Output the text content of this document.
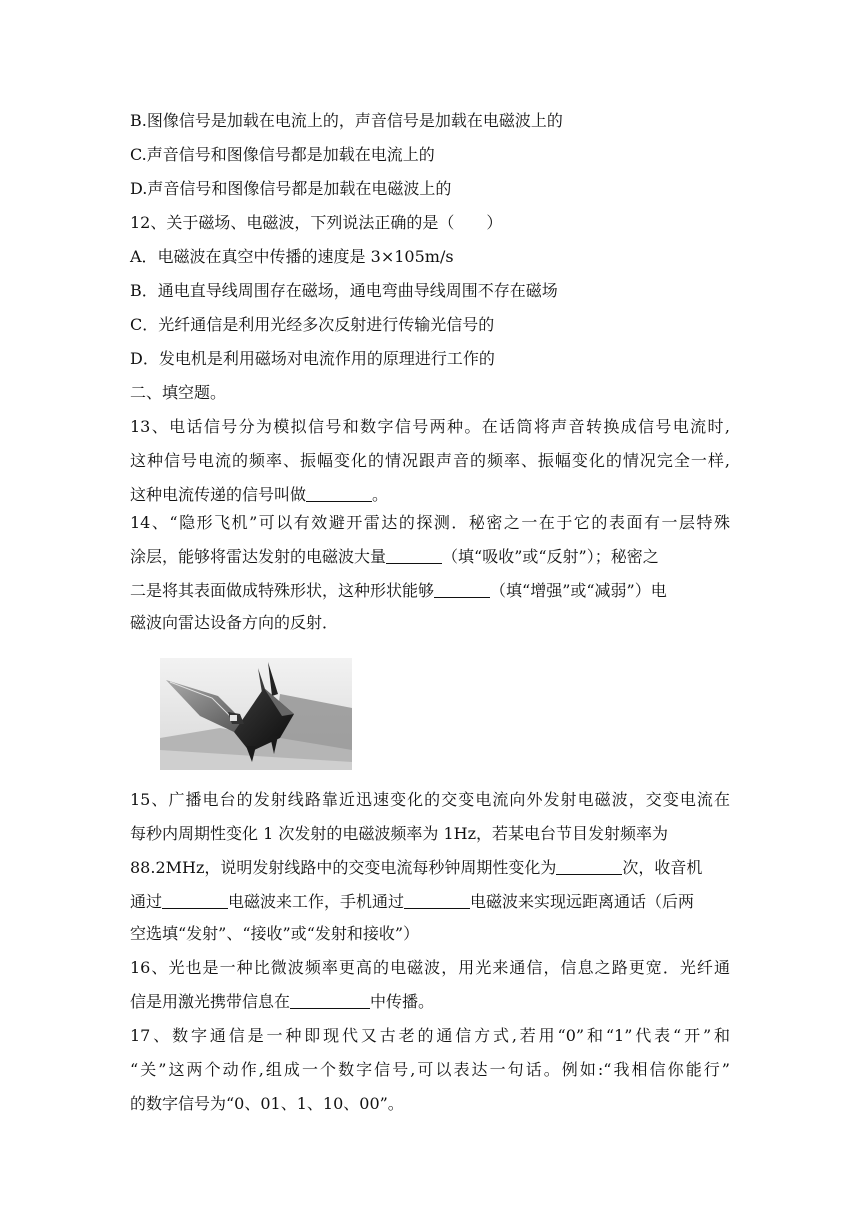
B.图像信号是加载在电流上的，声音信号是加载在电磁波上的
C.声音信号和图像信号都是加载在电流上的
D.声音信号和图像信号都是加载在电磁波上的
12、关于磁场、电磁波，下列说法正确的是（　　）
A．电磁波在真空中传播的速度是 3×105m/s
B．通电直导线周围存在磁场，通电弯曲导线周围不存在磁场
C．光纤通信是利用光经多次反射进行传输光信号的
D．发电机是利用磁场对电流作用的原理进行工作的
二、填空题。
13、电话信号分为模拟信号和数字信号两种。在话筒将声音转换成信号电流时,
这种信号电流的频率、振幅变化的情况跟声音的频率、振幅变化的情况完全一样,
这种电流传递的信号叫做	。
14、“隐形飞机”可以有效避开雷达的探测．秘密之一在于它的表面有一层特殊
涂层，能够将雷达发射的电磁波大量	（填“吸收”或“反射”）；秘密之
二是将其表面做成特殊形状，这种形状能够	（填“增强”或“减弱”）电
磁波向雷达设备方向的反射．
15、广播电台的发射线路靠近迅速变化的交变电流向外发射电磁波，交变电流在
每秒内周期性变化 1 次发射的电磁波频率为 1Hz，若某电台节目发射频率为
88.2MHz，说明发射线路中的交变电流每秒钟周期性变化为	次，收音机
通过	电磁波来工作，手机通过	电磁波来实现远距离通话（后两
空选填“发射”、“接收”或“发射和接收”）
16、光也是一种比微波频率更高的电磁波，用光来通信，信息之路更宽．光纤通
信是用激光携带信息在	中传播。
17、数字通信是一种即现代又古老的通信方式,若用“0”和“1”代表“开”和
“关”这两个动作,组成一个数字信号,可以表达一句话。例如:“我相信你能行”
的数字信号为“0、01、1、10、00”。
